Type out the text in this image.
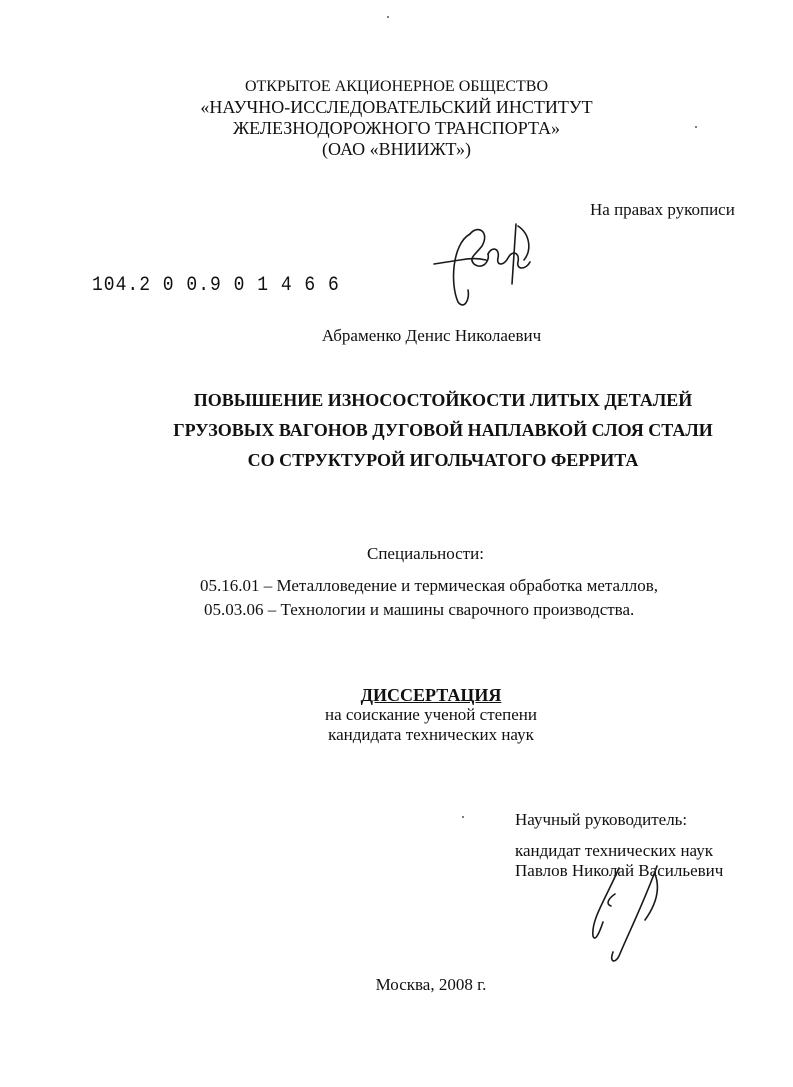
ОТКРЫТОЕ АКЦИОНЕРНОЕ ОБЩЕСТВО
«НАУЧНО-ИССЛЕДОВАТЕЛЬСКИЙ ИНСТИТУТ
ЖЕЛЕЗНОДОРОЖНОГО ТРАНСПОРТА»
(ОАО «ВНИИЖТ»)
На правах рукописи
104.2 0 0.9 0 1 4 6 6
Абраменко Денис Николаевич
ПОВЫШЕНИЕ ИЗНОСОСТОЙКОСТИ ЛИТЫХ ДЕТАЛЕЙ
ГРУЗОВЫХ ВАГОНОВ ДУГОВОЙ НАПЛАВКОЙ СЛОЯ СТАЛИ
СО СТРУКТУРОЙ ИГОЛЬЧАТОГО ФЕРРИТА
Специальности:
05.16.01 – Металловедение и термическая обработка металлов,
05.03.06 – Технологии и машины сварочного производства.
ДИССЕРТАЦИЯ
на соискание ученой степени
кандидата технических наук
Научный руководитель:
кандидат технических наук
Павлов Николай Васильевич
Москва, 2008 г.
